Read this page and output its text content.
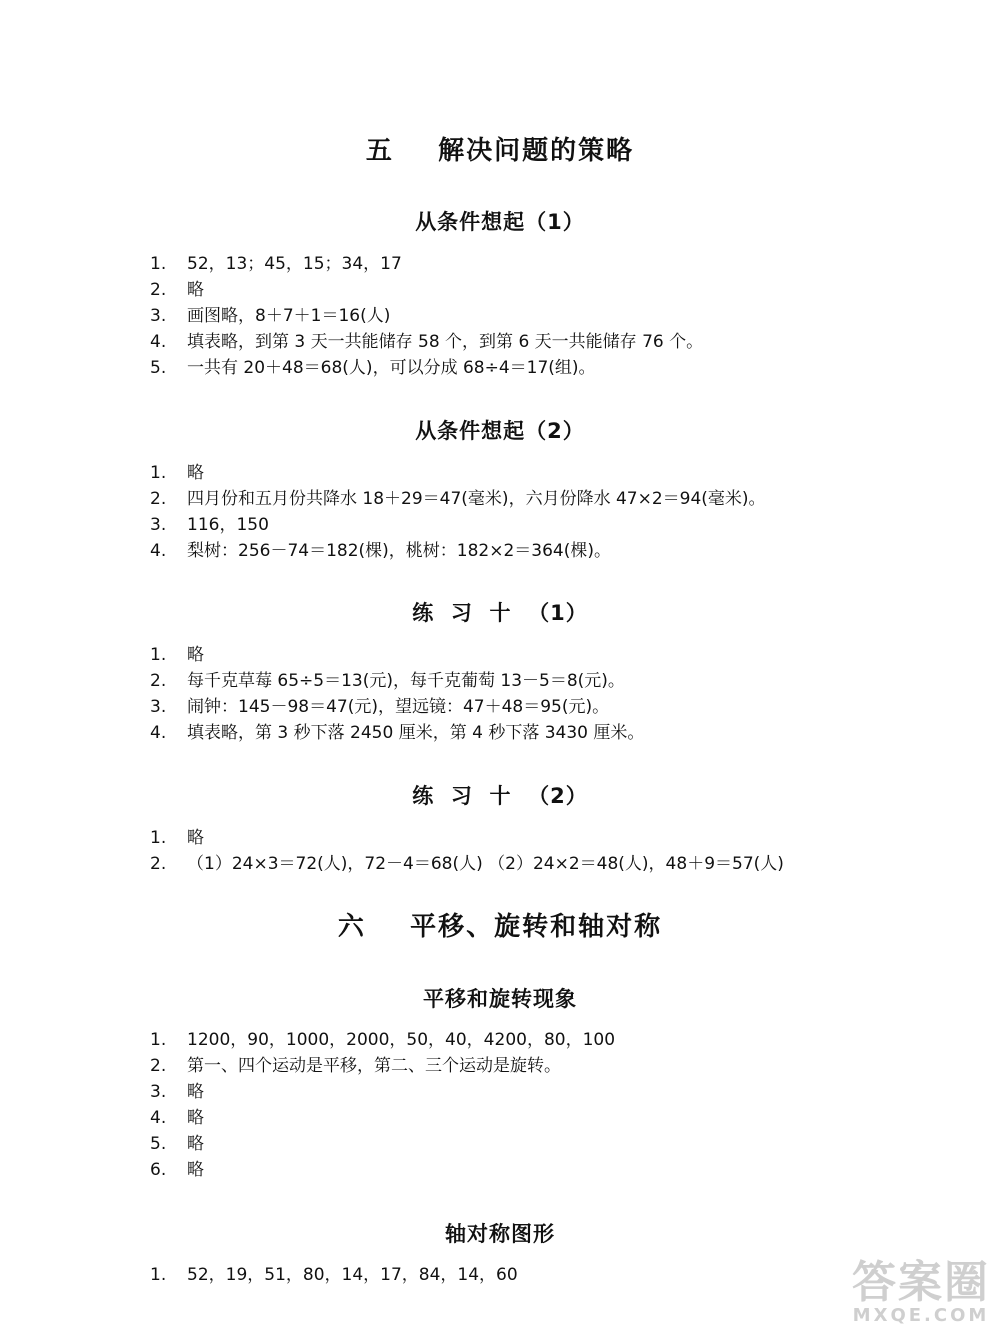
五    解决问题的策略
从条件想起（1）
1. 52，13；45，15；34，17
2. 略
3. 画图略，8＋7＋1＝16(人)
4. 填表略，到第 3 天一共能储存 58 个，到第 6 天一共能储存 76 个。
5. 一共有 20＋48＝68(人)，可以分成 68÷4＝17(组)。
从条件想起（2）
1. 略
2. 四月份和五月份共降水 18＋29＝47(毫米)，六月份降水 47×2＝94(毫米)。
3. 116，150
4. 梨树：256－74＝182(棵)，桃树：182×2＝364(棵)。
练  习  十  （1）
1. 略
2. 每千克草莓 65÷5＝13(元)，每千克葡萄 13－5＝8(元)。
3. 闹钟：145－98＝47(元)，望远镜：47＋48＝95(元)。
4. 填表略，第 3 秒下落 2450 厘米，第 4 秒下落 3430 厘米。
练  习  十  （2）
1. 略
2. （1）24×3＝72(人)，72－4＝68(人) （2）24×2＝48(人)，48＋9＝57(人)
六    平移、旋转和轴对称
平移和旋转现象
1. 1200，90，1000，2000，50，40，4200，80，100
2. 第一、四个运动是平移，第二、三个运动是旋转。
3. 略
4. 略
5. 略
6. 略
轴对称图形
1. 52，19，51，80，14，17，84，14，60	答案圈
MXQE.COM
